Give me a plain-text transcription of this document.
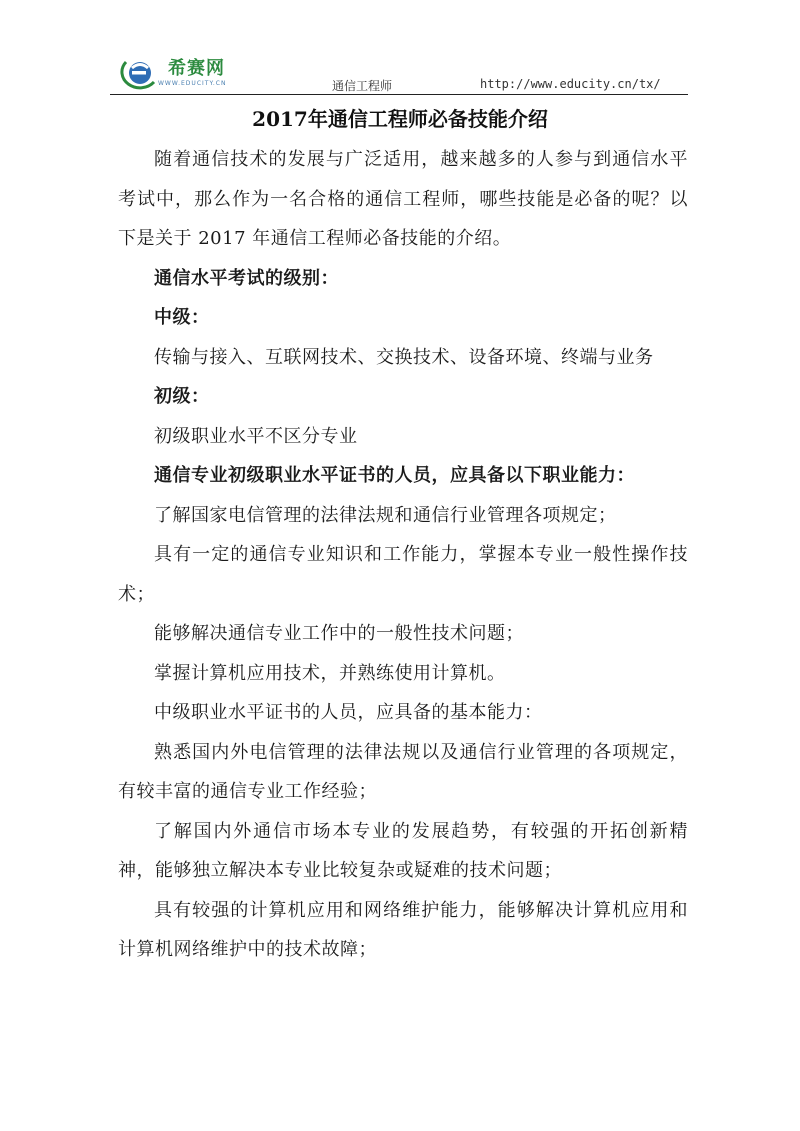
希赛网
WWW.EDUCITY.CN	通信工程师	http://www.educity.cn/tx/
2017年通信工程师必备技能介绍

随着通信技术的发展与广泛适用，越来越多的人参与到通信水平考试中，那么作为一名合格的通信工程师，哪些技能是必备的呢？以下是关于 2017 年通信工程师必备技能的介绍。

通信水平考试的级别：

中级：

传输与接入、互联网技术、交换技术、设备环境、终端与业务

初级：

初级职业水平不区分专业

通信专业初级职业水平证书的人员，应具备以下职业能力：

了解国家电信管理的法律法规和通信行业管理各项规定；

具有一定的通信专业知识和工作能力，掌握本专业一般性操作技术；

能够解决通信专业工作中的一般性技术问题；

掌握计算机应用技术，并熟练使用计算机。

中级职业水平证书的人员，应具备的基本能力：

熟悉国内外电信管理的法律法规以及通信行业管理的各项规定，有较丰富的通信专业工作经验；

了解国内外通信市场本专业的发展趋势，有较强的开拓创新精神，能够独立解决本专业比较复杂或疑难的技术问题；

具有较强的计算机应用和网络维护能力，能够解决计算机应用和计算机网络维护中的技术故障；
